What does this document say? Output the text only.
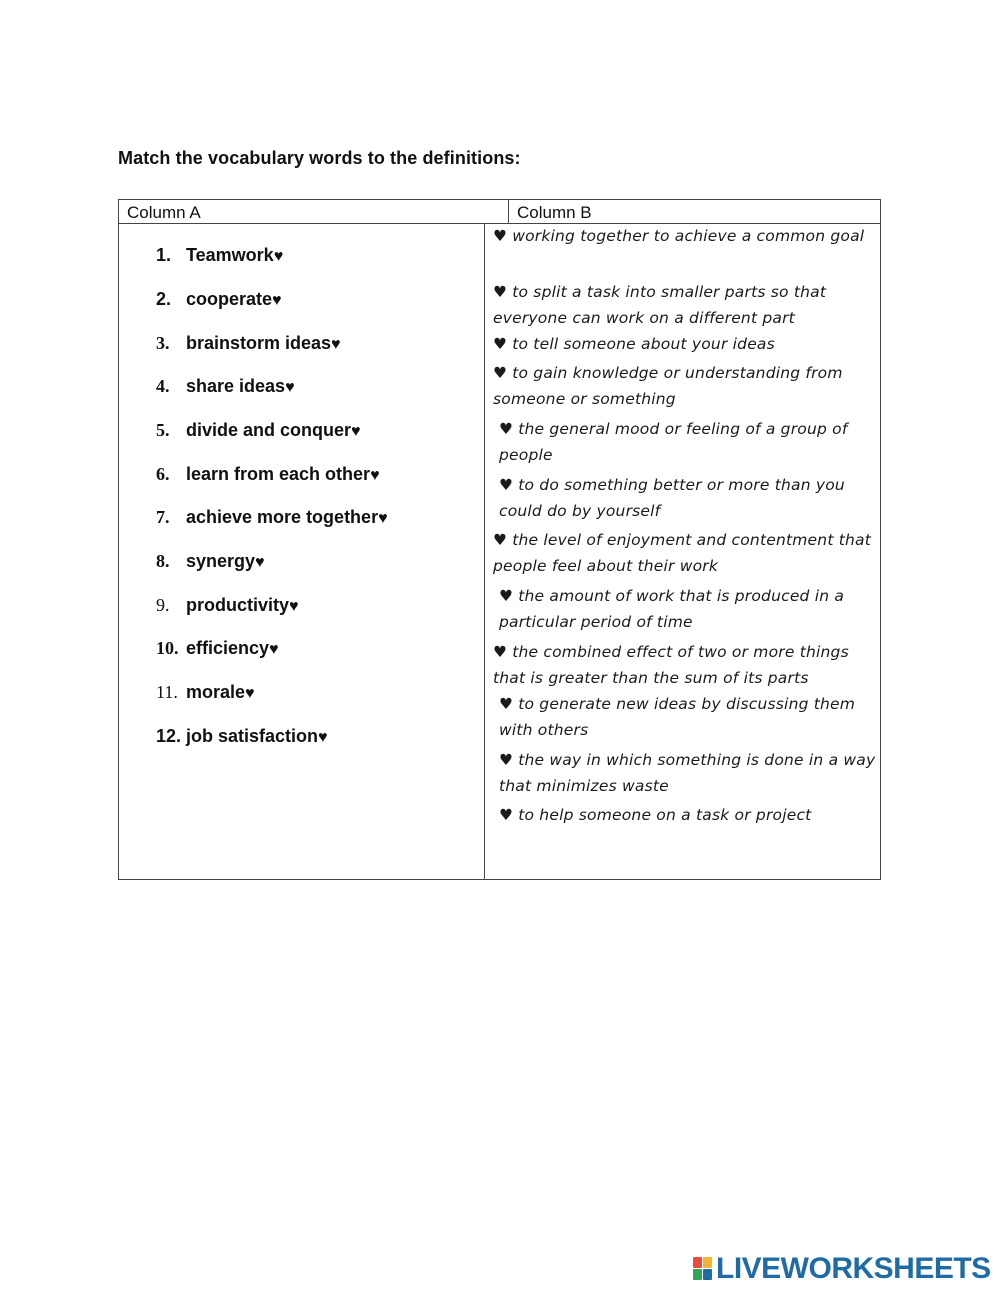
Match the vocabulary words to the definitions:
Column A	Column B
1. Teamwork ♥
2. cooperate ♥
3. brainstorm ideas ♥
4. share ideas ♥
5. divide and conquer ♥
6. learn from each other ♥
7. achieve more together ♥
8. synergy ♥
9. productivity ♥
10. efficiency ♥
11. morale ♥
12. job satisfaction ♥
♥ working together to achieve a common goal
♥ to split a task into smaller parts so that everyone can work on a different part
♥ to tell someone about your ideas
♥ to gain knowledge or understanding from someone or something
♥ the general mood or feeling of a group of people
♥ to do something better or more than you could do by yourself
♥ the level of enjoyment and contentment that people feel about their work
♥ the amount of work that is produced in a particular period of time
♥ the combined effect of two or more things that is greater than the sum of its parts
♥ to generate new ideas by discussing them with others
♥ the way in which something is done in a way that minimizes waste
♥ to help someone on a task or project
LIVEWORKSHEETS
